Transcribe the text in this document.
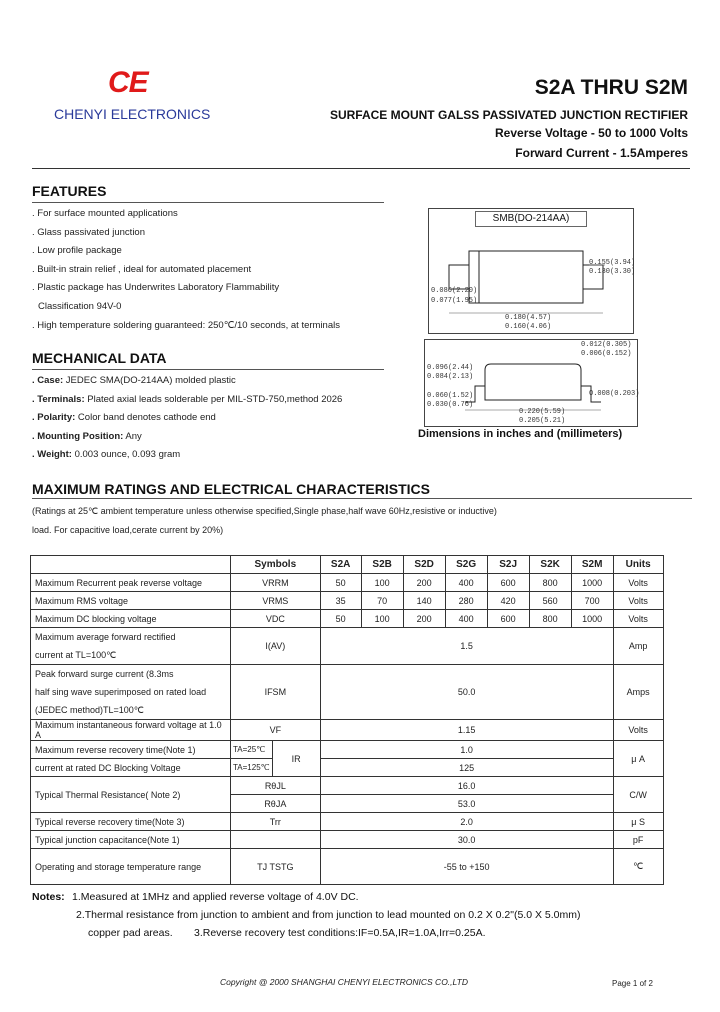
CE
CHENYI ELECTRONICS
S2A THRU S2M
SURFACE MOUNT GALSS PASSIVATED JUNCTION RECTIFIER
Reverse Voltage - 50 to 1000 Volts
Forward Current - 1.5Amperes
FEATURES
. For surface mounted applications
. Glass passivated junction
. Low profile package
. Built-in strain relief , ideal for automated placement
. Plastic package has Underwrites Laboratory Flammability
Classification 94V-0
. High temperature soldering guaranteed: 250℃/10 seconds, at terminals
MECHANICAL DATA
. Case: JEDEC SMA(DO-214AA) molded plastic
. Terminals: Plated axial leads solderable per MIL-STD-750,method 2026
. Polarity: Color band denotes cathode end
. Mounting Position: Any
. Weight: 0.003 ounce, 0.093 gram
SMB(DO-214AA)
0.155(3.94)
0.130(3.30)
0.086(2.20)
0.077(1.95)
0.180(4.57)
0.160(4.06)
0.012(0.305)
0.006(0.152)
0.096(2.44)
0.084(2.13)
0.060(1.52)
0.030(0.76)
0.008(0.203)
0.220(5.59)
0.205(5.21)
Dimensions in inches and (millimeters)
MAXIMUM RATINGS AND ELECTRICAL CHARACTERISTICS
(Ratings at 25℃ ambient temperature unless otherwise specified,Single phase,half wave 60Hz,resistive or inductive)
load. For capacitive load,cerate current by 20%)
	Symbols		S2A	S2B	S2D	S2G	S2J	S2K	S2M	Units
Maximum Recurrent peak reverse voltage	VRRM		50	100	200	400	600	800	1000	Volts
Maximum RMS voltage	VRMS		35	70	140	280	420	560	700	Volts
Maximum DC blocking voltage	VDC		50	100	200	400	600	800	1000	Volts

Maximum average forward rectified
current at TL=100℃	I(AV)		1.5							Amp

Peak forward surge current (8.3ms
half sing wave superimposed on rated load
(JEDEC method)TL=100℃	IFSM		50.0							Amps
Maximum instantaneous forward voltage at 1.0 A	VF		1.15							Volts
Maximum reverse recovery time(Note 1)	TA=25℃	IR	1.0							μ A
current at rated DC Blocking Voltage	TA=125℃		125							
Typical Thermal Resistance( Note 2)	RθJL		16.0							C/W
	RθJA		53.0							
Typical reverse recovery time(Note 3)	Trr		2.0							μ S
Typical junction capacitance(Note 1)			30.0							pF
Operating and storage temperature range	TJ TSTG		-55 to +150							℃
Notes: 1.Measured at 1MHz and applied reverse voltage of 4.0V DC.
2.Thermal resistance from junction to ambient and from junction to lead mounted on 0.2 X 0.2"(5.0 X 5.0mm)
copper pad areas. 3.Reverse recovery test conditions:IF=0.5A,IR=1.0A,Irr=0.25A.
Copyright @ 2000 SHANGHAI CHENYI ELECTRONICS CO.,LTD	Page 1 of 2
